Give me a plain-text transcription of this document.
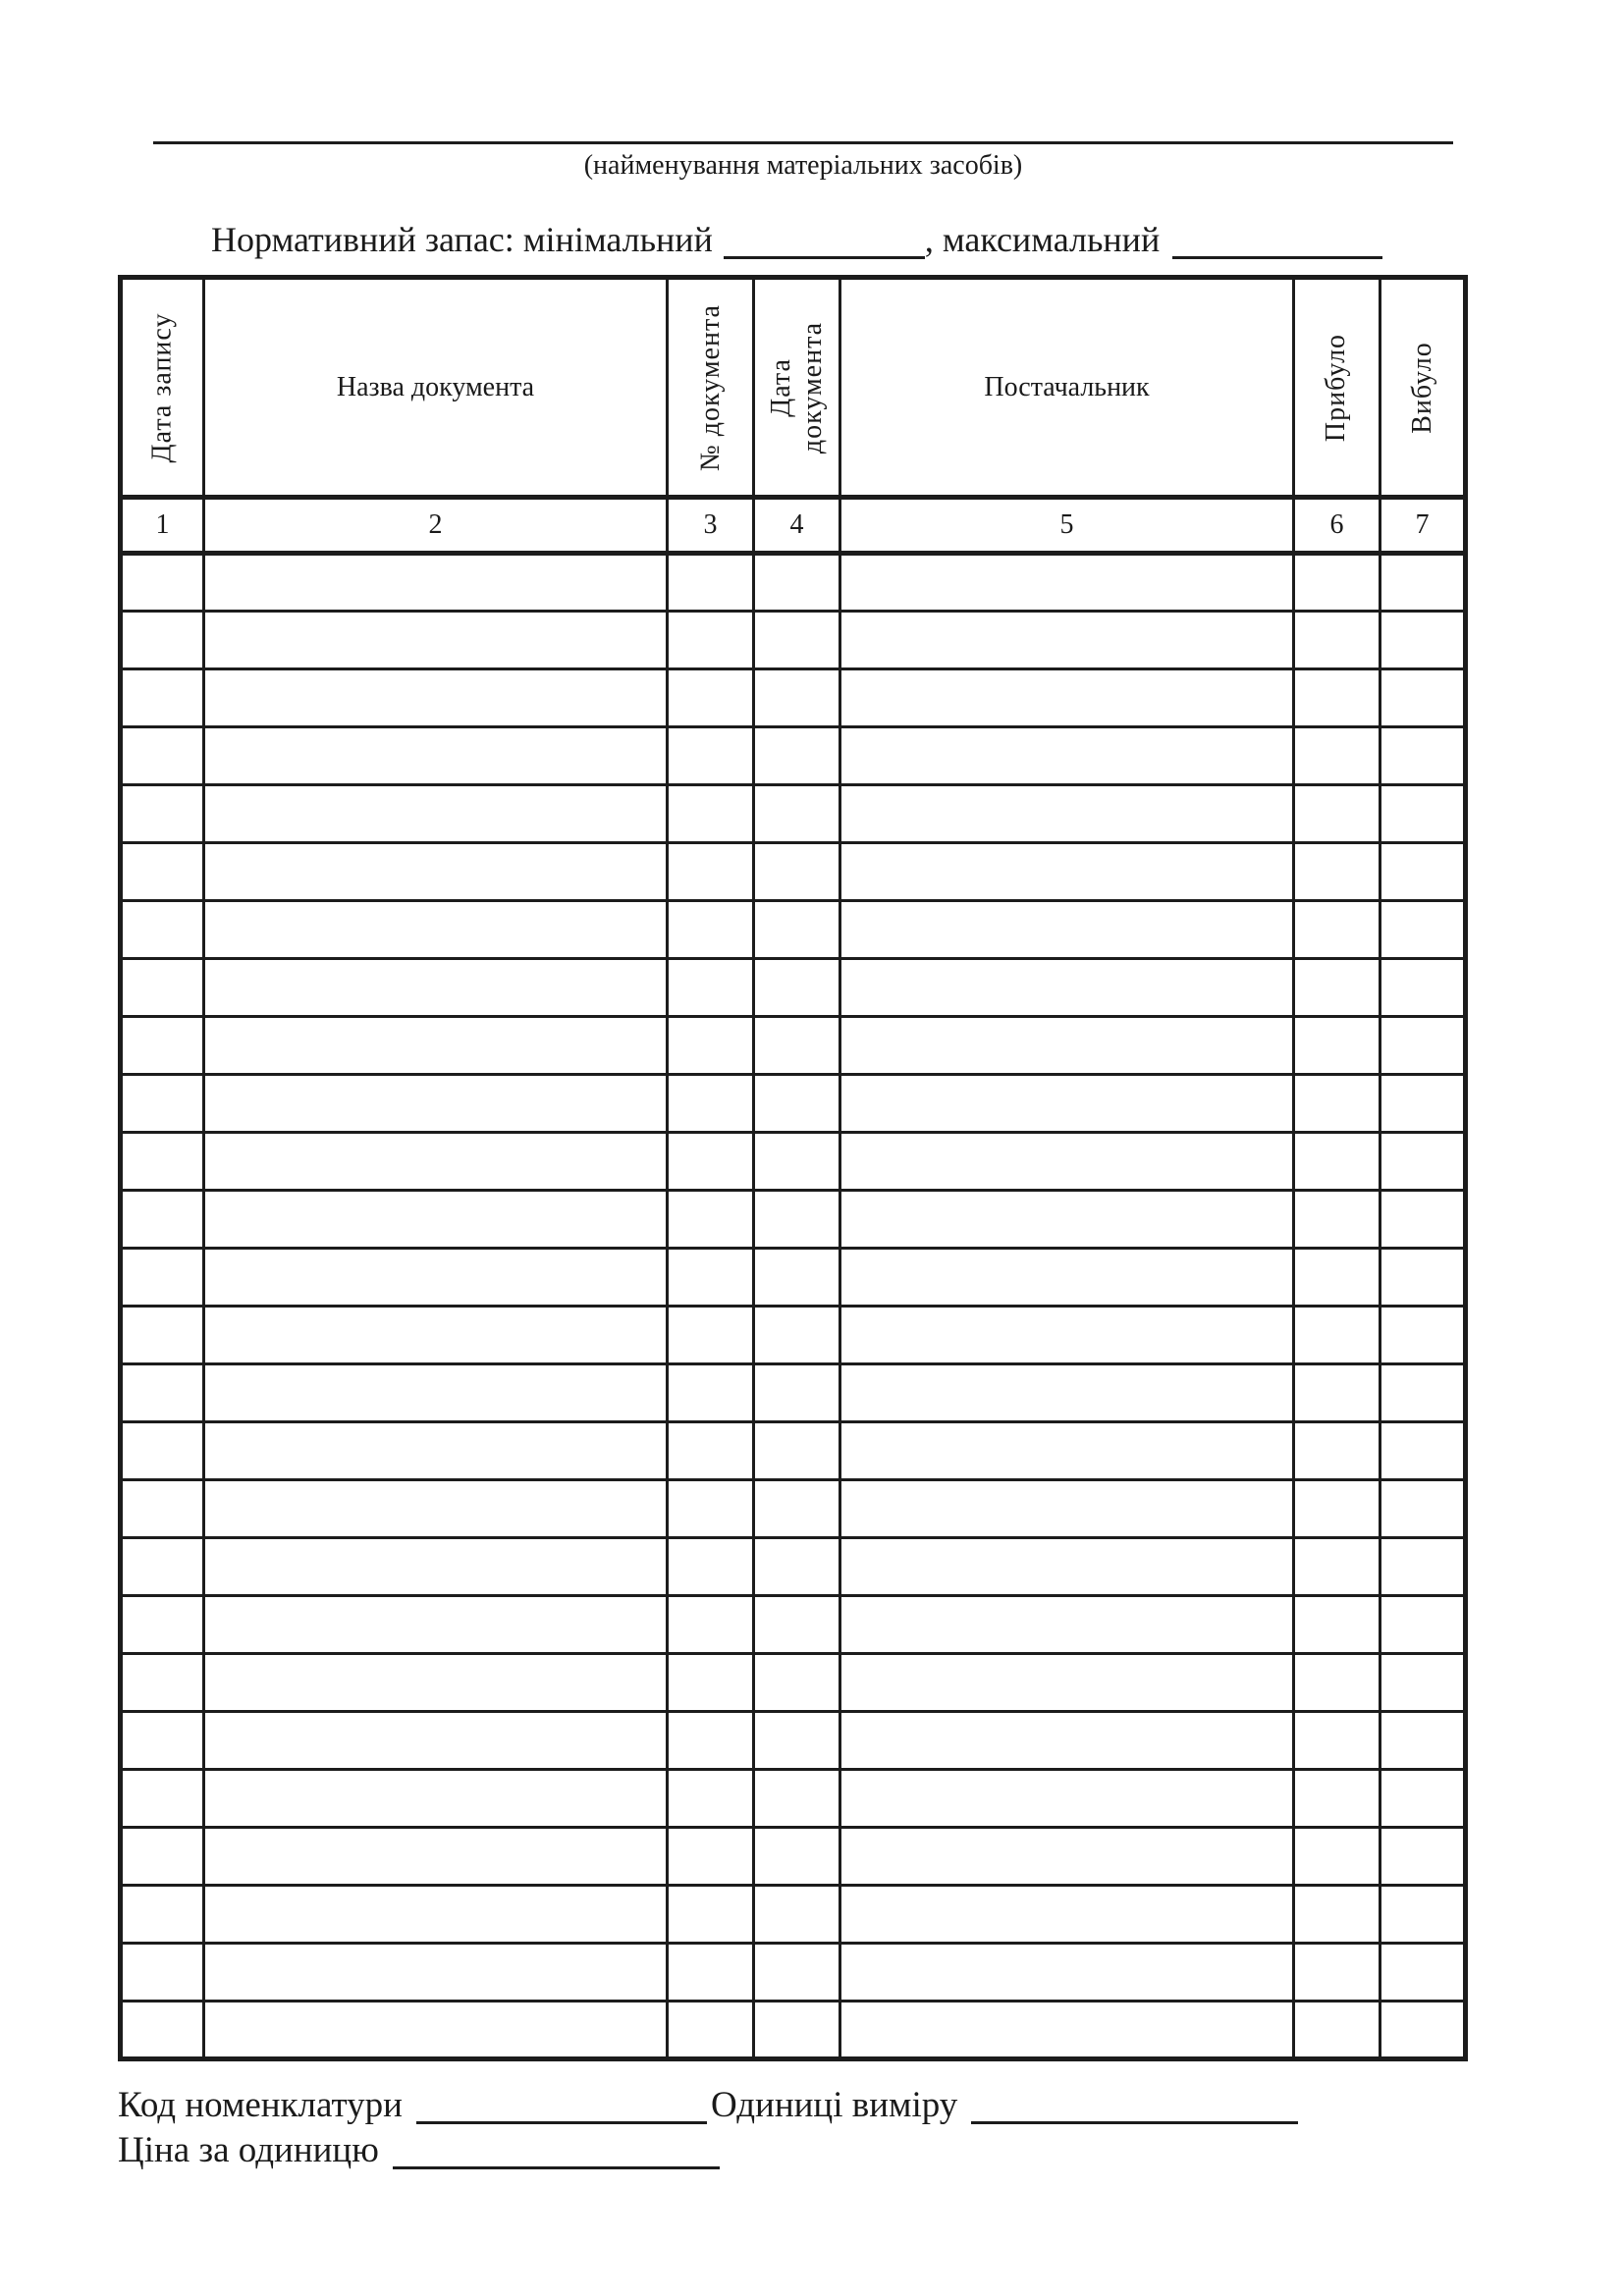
(найменування матеріальних засобів)
Нормативний запас: мінімальний	, максимальний
Дата запису	Назва документа	№ документа	Дата документа	Постачальник	Прибуло	Вибуло

1	2	3	4	5	6	7

Код номенклатури	Одиниці виміру
Ціна за одиницю
